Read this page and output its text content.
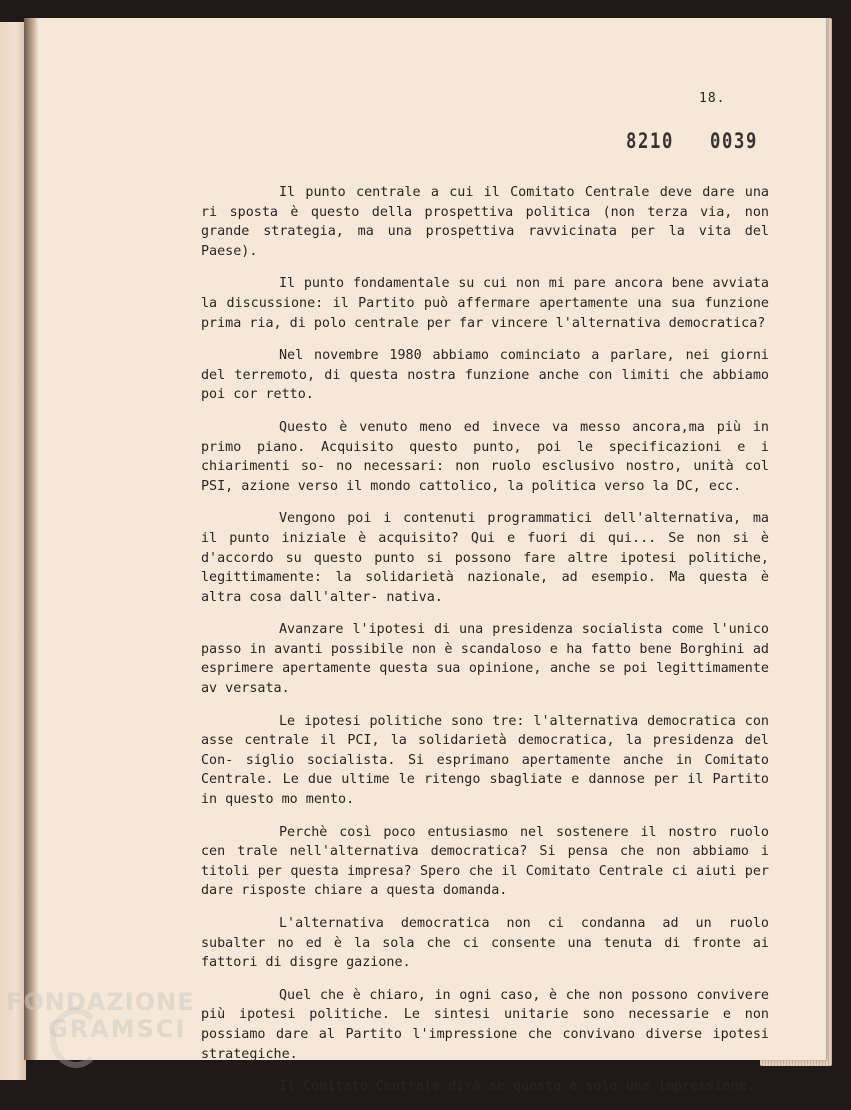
18.
8210 0039

Il punto centrale a cui il Comitato Centrale deve dare una ri sposta è questo della prospettiva politica (non terza via, non grande strategia, ma una prospettiva ravvicinata per la vita del Paese).

Il punto fondamentale su cui non mi pare ancora bene avviata la discussione: il Partito può affermare apertamente una sua funzione prima ria, di polo centrale per far vincere l'alternativa democratica?

Nel novembre 1980 abbiamo cominciato a parlare, nei giorni del terremoto, di questa nostra funzione anche con limiti che abbiamo poi cor retto.

Questo è venuto meno ed invece va messo ancora,ma più in primo piano. Acquisito questo punto, poi le specificazioni e i chiarimenti so- no necessari: non ruolo esclusivo nostro, unità col PSI, azione verso il mondo cattolico, la politica verso la DC, ecc.

Vengono poi i contenuti programmatici dell'alternativa, ma il punto iniziale è acquisito? Qui e fuori di qui... Se non si è d'accordo su questo punto si possono fare altre ipotesi politiche, legittimamente: la solidarietà nazionale, ad esempio. Ma questa è altra cosa dall'alter- nativa.

Avanzare l'ipotesi di una presidenza socialista come l'unico passo in avanti possibile non è scandaloso e ha fatto bene Borghini ad esprimere apertamente questa sua opinione, anche se poi legittimamente av versata.

Le ipotesi politiche sono tre: l'alternativa democratica con asse centrale il PCI, la solidarietà democratica, la presidenza del Con- siglio socialista. Si esprimano apertamente anche in Comitato Centrale. Le due ultime le ritengo sbagliate e dannose per il Partito in questo mo mento.

Perchè così poco entusiasmo nel sostenere il nostro ruolo cen trale nell'alternativa democratica? Si pensa che non abbiamo i titoli per questa impresa? Spero che il Comitato Centrale ci aiuti per dare risposte chiare a questa domanda.

L'alternativa democratica non ci condanna ad un ruolo subalter no ed è la sola che ci consente una tenuta di fronte ai fattori di disgre gazione.

Quel che è chiaro, in ogni caso, è che non possono convivere più ipotesi politiche. Le sintesi unitarie sono necessarie e non possiamo dare al Partito l'impressione che convivano diverse ipotesi strategiche.

Il Comitato Centrale dirà se questa è solo una impressione.

FONDAZIONE
GRAMSCI
